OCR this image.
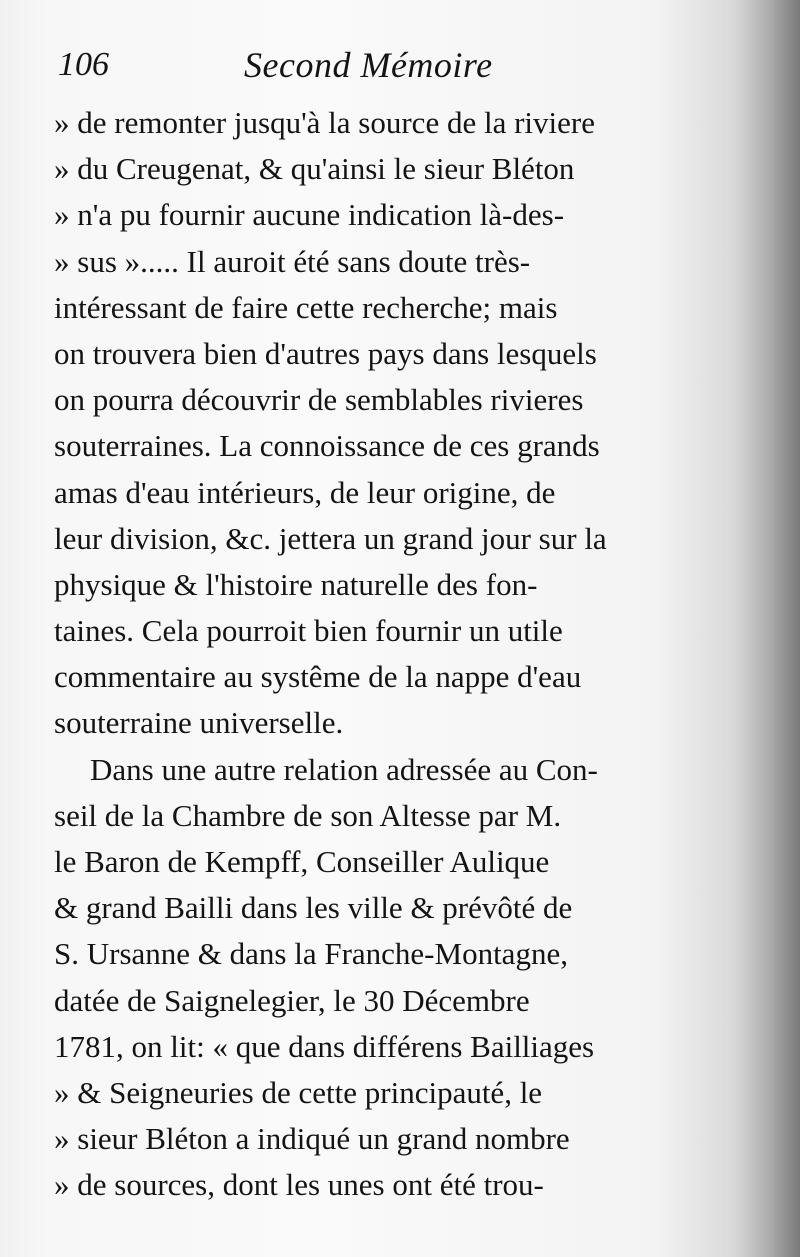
106	Second Mémoire
» de remonter jusqu'à la source de la riviere
» du Creugenat, & qu'ainsi le sieur Bléton
» n'a pu fournir aucune indication là-des-
» sus »..... Il auroit été sans doute très-
intéressant de faire cette recherche; mais
on trouvera bien d'autres pays dans lesquels
on pourra découvrir de semblables rivieres
souterraines. La connoissance de ces grands
amas d'eau intérieurs, de leur origine, de
leur division, &c. jettera un grand jour sur la
physique & l'histoire naturelle des fon-
taines. Cela pourroit bien fournir un utile
commentaire au systême de la nappe d'eau
souterraine universelle.
Dans une autre relation adressée au Con-
seil de la Chambre de son Altesse par M.
le Baron de Kempff, Conseiller Aulique
& grand Bailli dans les ville & prévôté de
S. Ursanne & dans la Franche-Montagne,
datée de Saignelegier, le 30 Décembre
1781, on lit: « que dans différens Bailliages
» & Seigneuries de cette principauté, le
» sieur Bléton a indiqué un grand nombre
» de sources, dont les unes ont été trou-
